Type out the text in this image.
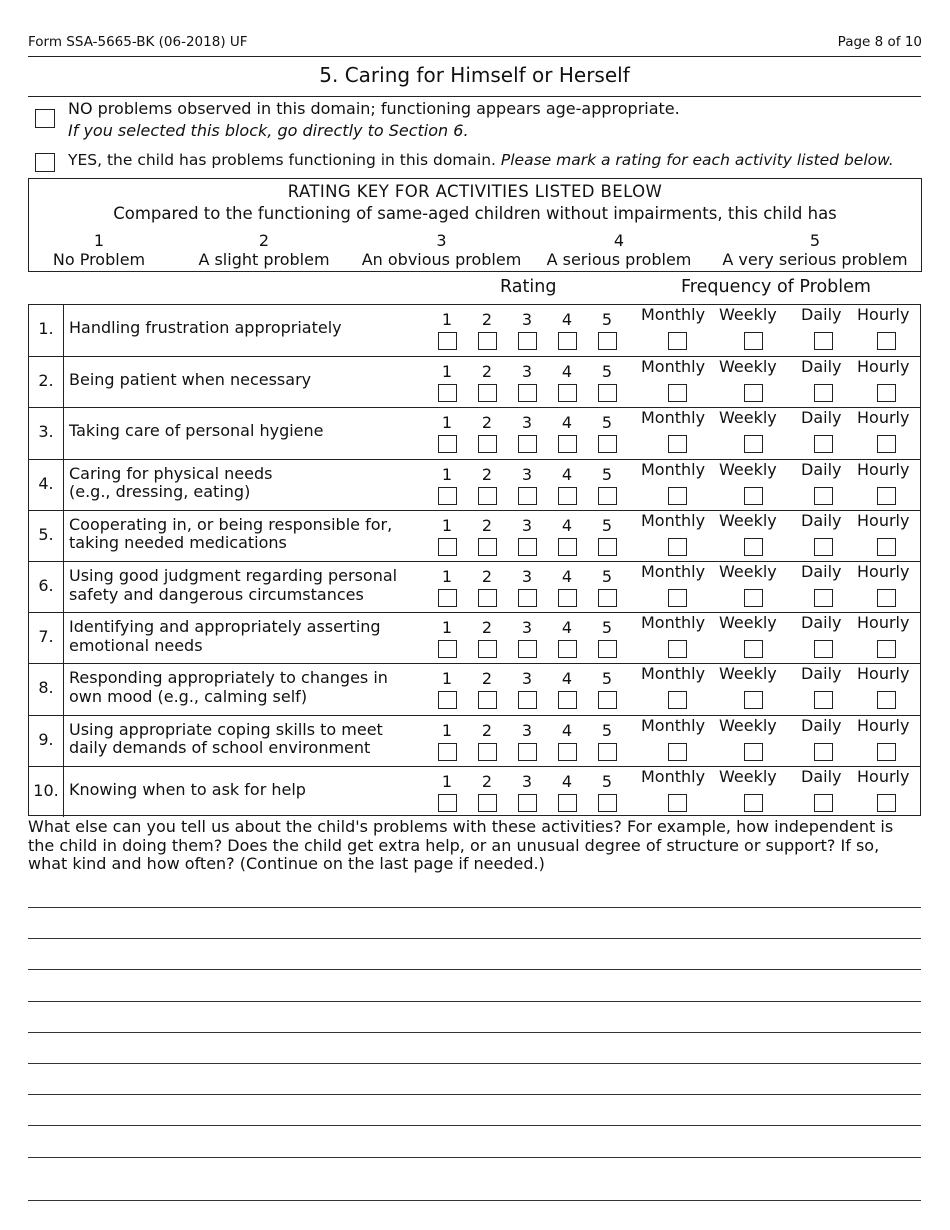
Form SSA-5665-BK (06-2018) UF	Page 8 of 10
5. Caring for Himself or Herself
NO problems observed in this domain; functioning appears age-appropriate.
If you selected this block, go directly to Section 6.
YES, the child has problems functioning in this domain. Please mark a rating for each activity listed below.
RATING KEY FOR ACTIVITIES LISTED BELOW
Compared to the functioning of same-aged children without impairments, this child has
1
No Problem
2
A slight problem
3
An obvious problem
4
A serious problem
5
A very serious problem
Rating	Frequency of Problem
1. Handling frustration appropriately	1	2	3	4	5	Monthly Weekly Daily Hourly
2. Being patient when necessary	1	2	3	4	5	Monthly Weekly Daily Hourly
3. Taking care of personal hygiene	1	2	3	4	5	Monthly Weekly Daily Hourly
4.
Caring for physical needs
(e.g., dressing, eating)
1	2	3	4	5	Monthly Weekly Daily Hourly
5.
Cooperating in, or being responsible for,
taking needed medications
1	2	3	4	5	Monthly Weekly Daily Hourly
6.
Using good judgment regarding personal
safety and dangerous circumstances
1	2	3	4	5	Monthly Weekly Daily Hourly
7.
Identifying and appropriately asserting
emotional needs
1	2	3	4	5	Monthly Weekly Daily Hourly
8.
Responding appropriately to changes in
own mood (e.g., calming self)
1	2	3	4	5	Monthly Weekly Daily Hourly
9.
Using appropriate coping skills to meet
daily demands of school environment
1	2	3	4	5	Monthly Weekly Daily Hourly
10. Knowing when to ask for help	1	2	3	4	5	Monthly Weekly Daily Hourly
What else can you tell us about the child's problems with these activities? For example, how independent is
the child in doing them? Does the child get extra help, or an unusual degree of structure or support? If so,
what kind and how often? (Continue on the last page if needed.)
